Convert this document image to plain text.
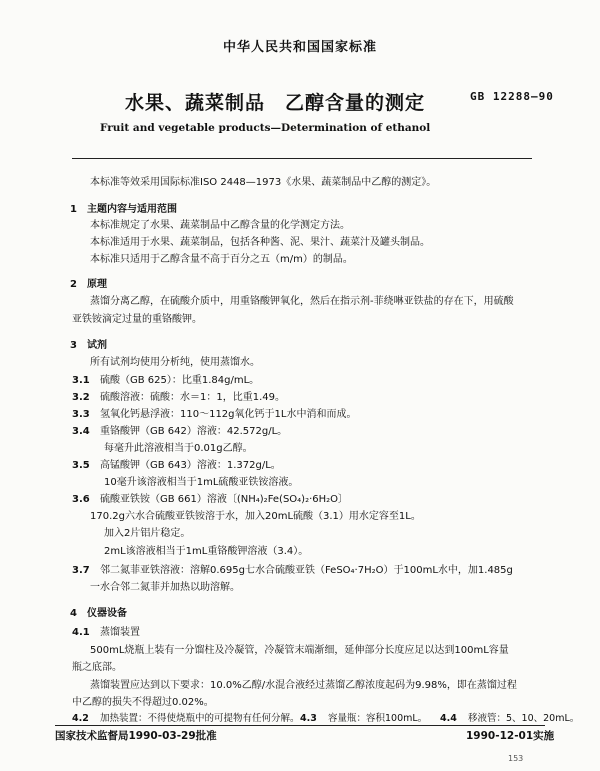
中华人民共和国国家标准
水果、蔬菜制品　乙醇含量的测定	GB 12288—90
Fruit and vegetable products—Determination of ethanol
本标准等效采用国际标准ISO 2448—1973《水果、蔬菜制品中乙醇的测定》。
1　主题内容与适用范围
本标准规定了水果、蔬菜制品中乙醇含量的化学测定方法。
本标准适用于水果、蔬菜制品，包括各种酱、泥、果汁、蔬菜汁及罐头制品。
本标准只适用于乙醇含量不高于百分之五（m/m）的制品。
2　原理
蒸馏分离乙醇，在硫酸介质中，用重铬酸钾氧化，然后在指示剂-菲绕啉亚铁盐的存在下，用硫酸
亚铁铵滴定过量的重铬酸钾。
3　试剂
所有试剂均使用分析纯，使用蒸馏水。
3.1 硫酸（GB 625）：比重1.84g/mL。
3.2 硫酸溶液：硫酸：水＝1：1，比重1.49。
3.3 氢氧化钙悬浮液：110～112g氧化钙于1L水中消和而成。
3.4 重铬酸钾（GB 642）溶液：42.572g/L。
每毫升此溶液相当于0.01g乙醇。
3.5 高锰酸钾（GB 643）溶液：1.372g/L。
10毫升该溶液相当于1mL硫酸亚铁铵溶液。
3.6 硫酸亚铁铵（GB 661）溶液〔(NH₄)₂Fe(SO₄)₂·6H₂O〕
170.2g六水合硫酸亚铁铵溶于水，加入20mL硫酸（3.1）用水定容至1L。
加入2片铝片稳定。
2mL该溶液相当于1mL重铬酸钾溶液（3.4）。
3.7 邻二氮菲亚铁溶液：溶解0.695g七水合硫酸亚铁（FeSO₄·7H₂O）于100mL水中，加1.485g
一水合邻二氮菲并加热以助溶解。
4　仪器设备
4.1 蒸馏装置
500mL烧瓶上装有一分馏柱及冷凝管，冷凝管末端渐细，延伸部分长度应足以达到100mL容量
瓶之底部。
蒸馏装置应达到以下要求：10.0%乙醇/水混合液经过蒸馏乙醇浓度起码为9.98%，即在蒸馏过程
中乙醇的损失不得超过0.02%。
4.2 加热装置：不得使烧瓶中的可提物有任何分解。 4.3 容量瓶：容积100mL。 4.4 移液管：5、10、20mL。
国家技术监督局1990-03-29批准	1990-12-01实施
153
